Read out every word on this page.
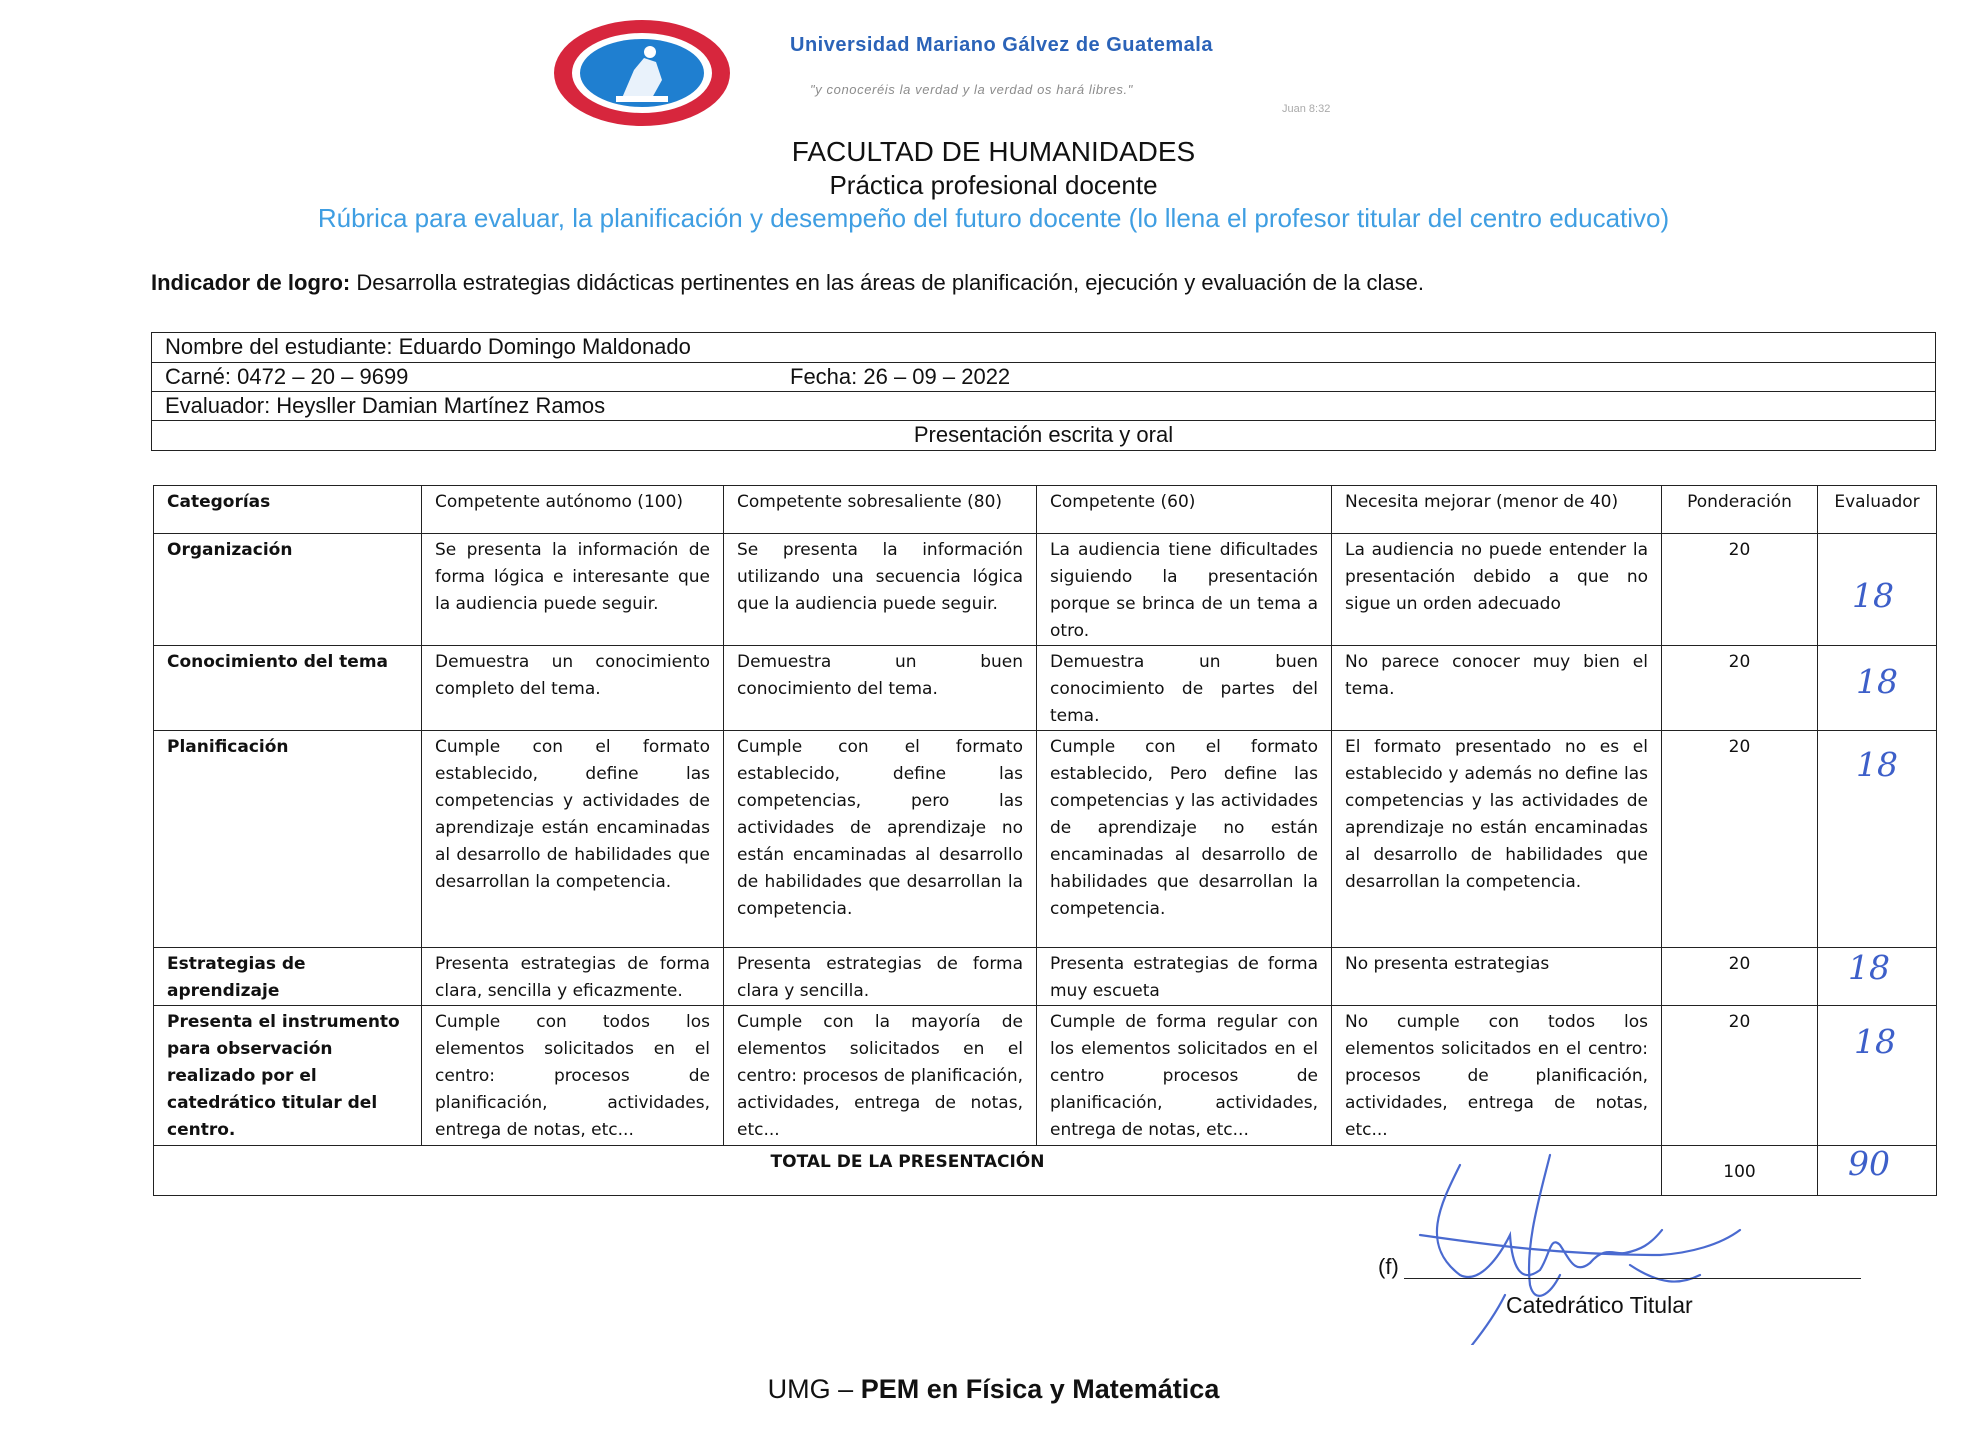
Universidad Mariano Gálvez de Guatemala
"y conoceréis la verdad y la verdad os hará libres."
Juan 8:32
FACULTAD DE HUMANIDADES
Práctica profesional docente
Rúbrica para evaluar, la planificación y desempeño del futuro docente (lo llena el profesor titular del centro educativo)
Indicador de logro: Desarrolla estrategias didácticas pertinentes en las áreas de planificación, ejecución y evaluación de la clase.
Nombre del estudiante: Eduardo Domingo Maldonado
Carné: 0472 – 20 – 9699	Fecha: 26 – 09 – 2022
Evaluador: Heysller Damian Martínez Ramos
Presentación escrita y oral
Categorías	Competente autónomo (100)	Competente sobresaliente (80)	Competente (60)	Necesita mejorar (menor de 40)	Ponderación	Evaluador
Organización	Se presenta la información de forma lógica e interesante que la audiencia puede seguir.	Se presenta la información utilizando una secuencia lógica que la audiencia puede seguir.	La audiencia tiene dificultades siguiendo la presentación porque se brinca de un tema a otro.	La audiencia no puede entender la presentación debido a que no sigue un orden adecuado	20	18

Conocimiento del tema	Demuestra un conocimiento completo del tema.	Demuestra un buen conocimiento del tema.	Demuestra un buen conocimiento de partes del tema.	No parece conocer muy bien el tema.	20	18

Planificación	Cumple con el formato establecido, define las competencias y actividades de aprendizaje están encaminadas al desarrollo de habilidades que desarrollan la competencia.	Cumple con el formato establecido, define las competencias, pero las actividades de aprendizaje no están encaminadas al desarrollo de habilidades que desarrollan la competencia.	Cumple con el formato establecido, Pero define las competencias y las actividades de aprendizaje no están encaminadas al desarrollo de habilidades que desarrollan la competencia.	El formato presentado no es el establecido y además no define las competencias y las actividades de aprendizaje no están encaminadas al desarrollo de habilidades que desarrollan la competencia.	20	18

Estrategias de aprendizaje	Presenta estrategias de forma clara, sencilla y eficazmente.	Presenta estrategias de forma clara y sencilla.	Presenta estrategias de forma muy escueta	No presenta estrategias	20	18

Presenta el instrumento para observación realizado por el catedrático titular del centro.	Cumple con todos los elementos solicitados en el centro: procesos de planificación, actividades, entrega de notas, etc...	Cumple con la mayoría de elementos solicitados en el centro: procesos de planificación, actividades, entrega de notas, etc...	Cumple de forma regular con los elementos solicitados en el centro procesos de planificación, actividades, entrega de notas, etc...	No cumple con todos los elementos solicitados en el centro: procesos de planificación, actividades, entrega de notas, etc...	20	18

TOTAL DE LA PRESENTACIÓN					100	90
(f)
Catedrático Titular
UMG – PEM en Física y Matemática
